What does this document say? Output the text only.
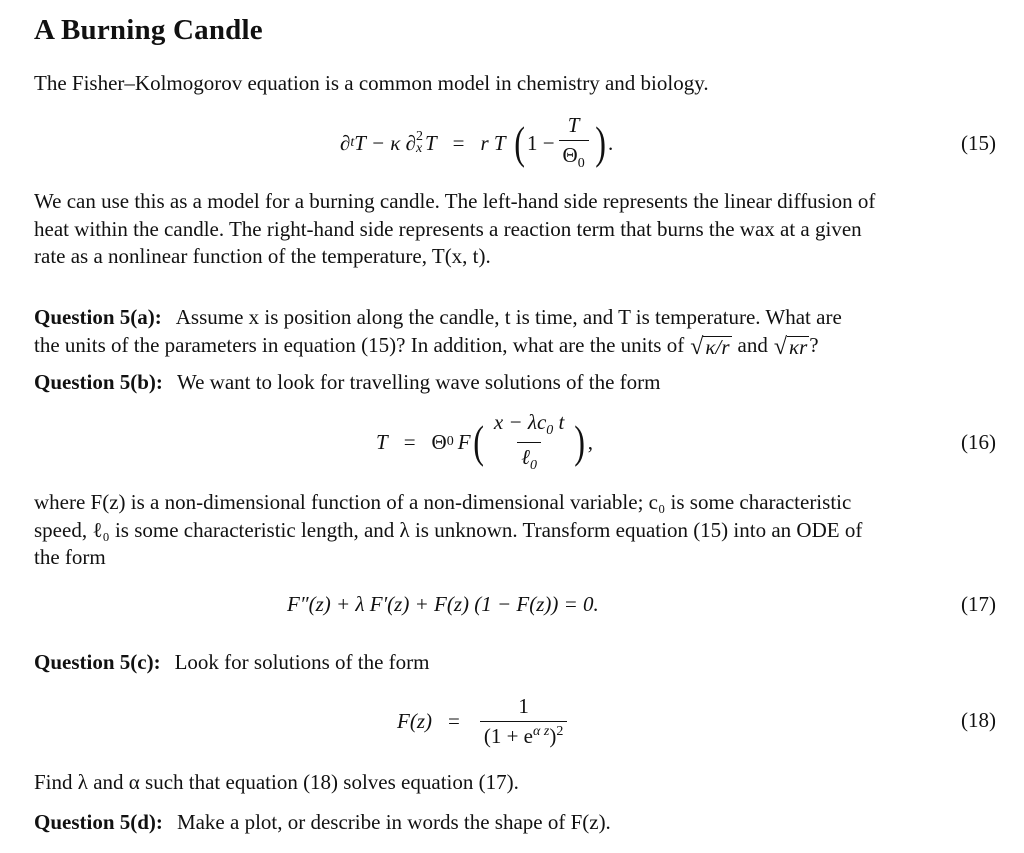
A Burning Candle

The Fisher–Kolmogorov equation is a common model in chemistry and biology.

∂ t T − κ ∂ 2
x T = r T ( $1 - \frac{T}{\Theta_0}$ ) .	(15)

We can use this as a model for a burning candle. The left-hand side represents the linear diffusion of

heat within the candle. The right-hand side represents a reaction term that burns the wax at a given

rate as a nonlinear function of the temperature, T(x, t).

Question 5(a): Assume x is position along the candle, t is time, and T is temperature. What are
the units of the parameters in equation (15)? In addition, what are the units of √ κ/r and √ κr ?
Question 5(b): We want to look for travelling wave solutions of the form
T = Θ 0 F ( $\frac{x - \lambda c_0 t}{\ell_0}$ ) ,	(16)

where F(z) is a non-dimensional function of a non-dimensional variable; c₀ is some characteristic

speed, ℓ₀ is some characteristic length, and λ is unknown. Transform equation (15) into an ODE of

the form

F″(z) + λ F′(z) + F(z) (1 − F(z)) = 0.	(17)
Question 5(c): Look for solutions of the form
$F(z) = \frac{1}{(1 + e^{\alpha z})^2}$	(18)
Find λ and α such that equation (18) solves equation (17).
Question 5(d): Make a plot, or describe in words the shape of F(z).
